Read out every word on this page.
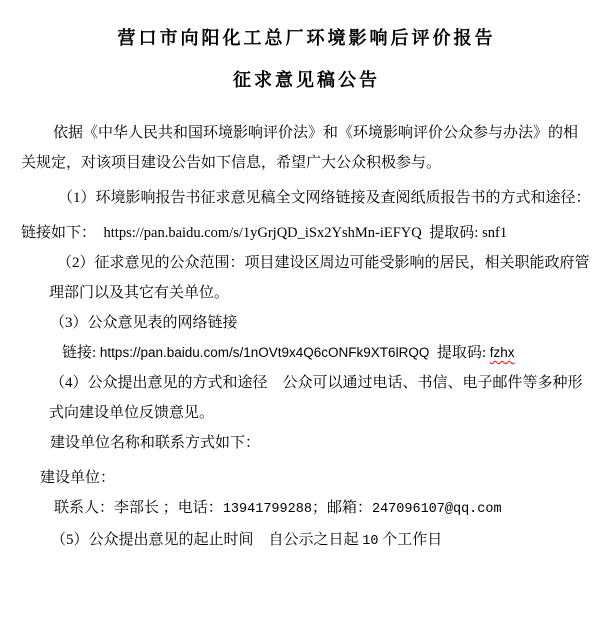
营口市向阳化工总厂环境影响后评价报告
征求意见稿公告

依据《中华人民共和国环境影响评价法》和《环境影响评价公众参与办法》的相关规定，对该项目建设公告如下信息，希望广大公众积极参与。

（1）环境影响报告书征求意见稿全文网络链接及查阅纸质报告书的方式和途径：

链接如下：  https://pan.baidu.com/s/1yGrjQD_iSx2YshMn-iEFYQ  提取码: snf1

（2）征求意见的公众范围：项目建设区周边可能受影响的居民，相关职能政府管理部门以及其它有关单位。

（3）公众意见表的网络链接

链接: https://pan.baidu.com/s/1nOVt9x4Q6cONFk9XT6lRQQ  提取码: fzhx

（4）公众提出意见的方式和途径　公众可以通过电话、书信、电子邮件等多种形式向建设单位反馈意见。

建设单位名称和联系方式如下：

建设单位：

联系人：李部长 ；电话：13941799288；邮箱：247096107@qq.com

（5）公众提出意见的起止时间　自公示之日起 10 个工作日
